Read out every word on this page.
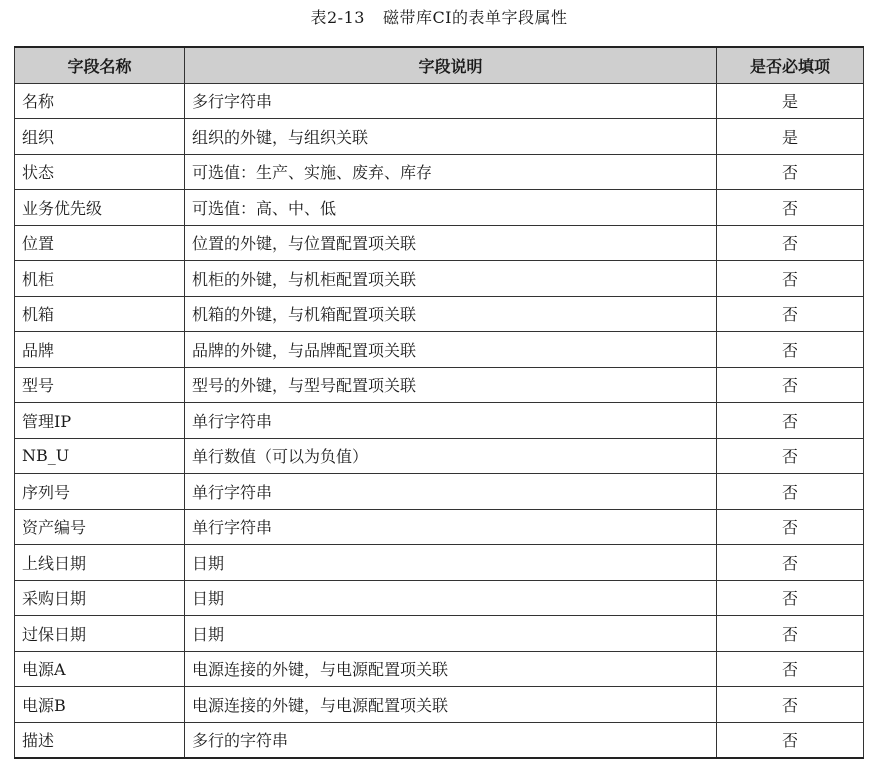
表2-13 磁带库CI的表单字段属性
字段名称	字段说明	是否必填项
名称	多行字符串	是
组织	组织的外键，与组织关联	是
状态	可选值：生产、实施、废弃、库存	否
业务优先级	可选值：高、中、低	否
位置	位置的外键，与位置配置项关联	否
机柜	机柜的外键，与机柜配置项关联	否
机箱	机箱的外键，与机箱配置项关联	否
品牌	品牌的外键，与品牌配置项关联	否
型号	型号的外键，与型号配置项关联	否
管理IP	单行字符串	否
NB_U	单行数值（可以为负值）	否
序列号	单行字符串	否
资产编号	单行字符串	否
上线日期	日期	否
采购日期	日期	否
过保日期	日期	否
电源A	电源连接的外键，与电源配置项关联	否
电源B	电源连接的外键，与电源配置项关联	否
描述	多行的字符串	否
